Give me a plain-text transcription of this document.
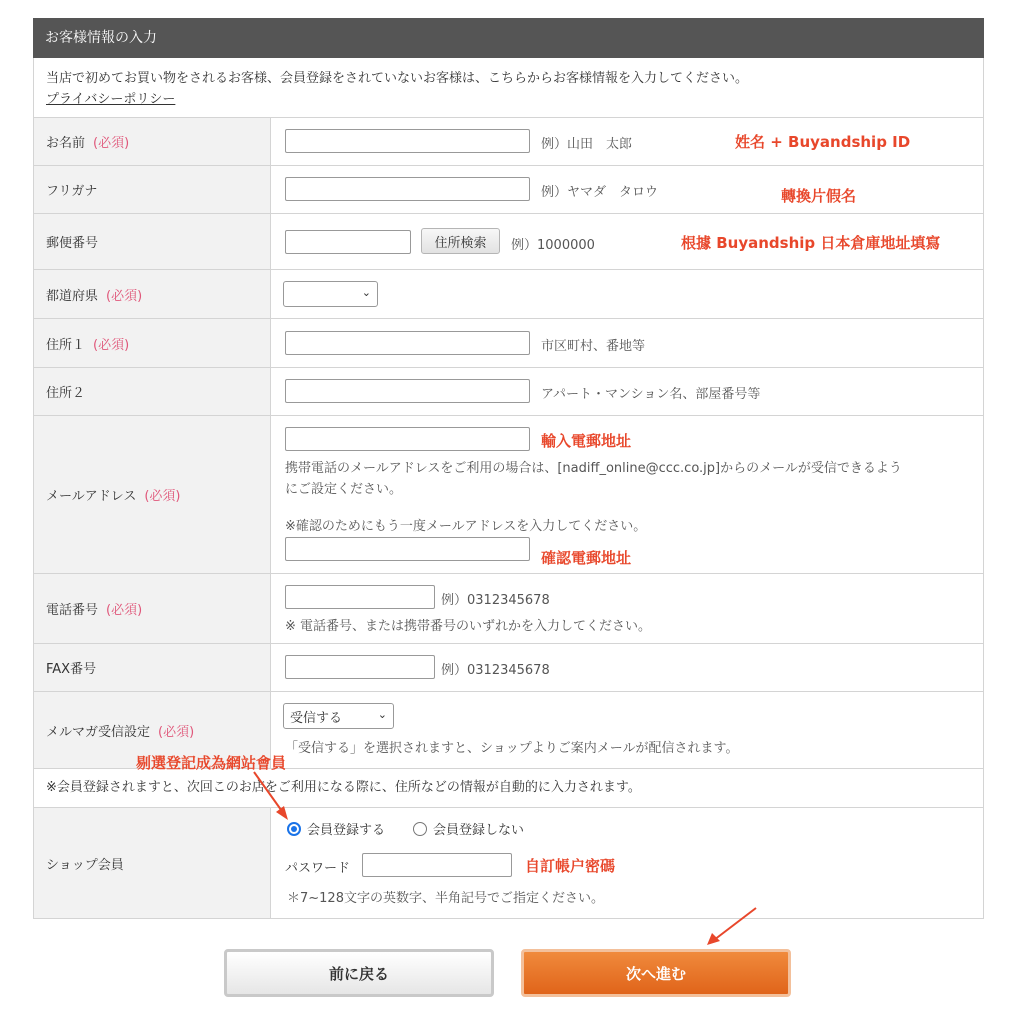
お客様情報の入力
当店で初めてお買い物をされるお客様、会員登録をされていないお客様は、こちらからお客様情報を入力してください。
プライバシーポリシー
お名前 (必須)	例）山田　太郎	姓名 + Buyandship ID
フリガナ	例）ヤマダ　タロウ	轉換片假名
郵便番号	住所検索	例）1000000	根據 Buyandship 日本倉庫地址填寫
都道府県 (必須)	⌄
住所１ (必須)	市区町村、番地等
住所２	アパート・マンション名、部屋番号等
メールアドレス (必須)
輸入電郵地址
携帯電話のメールアドレスをご利用の場合は、[nadiff_online@ccc.co.jp]からのメールが受信できるよう
にご設定ください。
※確認のためにもう一度メールアドレスを入力してください。
確認電郵地址
電話番号 (必須)
例）0312345678
※ 電話番号、または携帯番号のいずれかを入力してください。
FAX番号	例）0312345678
メルマガ受信設定 (必須)
受信する	⌄
「受信する」を選択されますと、ショップよりご案内メールが配信されます。
※会員登録されますと、次回このお店をご利用になる際に、住所などの情報が自動的に入力されます。
ショップ会員
会員登録する	会員登録しない
パスワード	自訂帳户密碼
＊7~128文字の英数字、半角記号でご指定ください。
剔選登記成為網站會員
前に戻る	次へ進む
